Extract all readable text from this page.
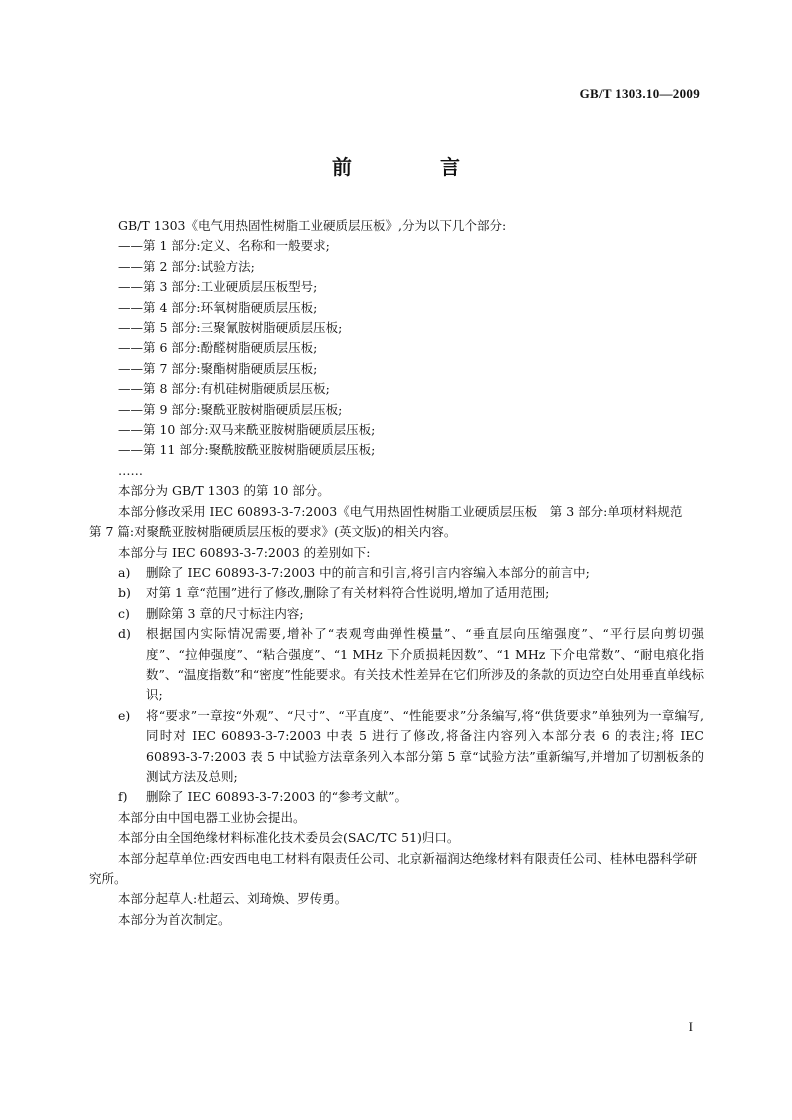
GB/T 1303.10—2009
前　言

GB/T 1303《电气用热固性树脂工业硬质层压板》,分为以下几个部分:

——第 1 部分:定义、名称和一般要求;

——第 2 部分:试验方法;

——第 3 部分:工业硬质层压板型号;

——第 4 部分:环氧树脂硬质层压板;

——第 5 部分:三聚氰胺树脂硬质层压板;

——第 6 部分:酚醛树脂硬质层压板;

——第 7 部分:聚酯树脂硬质层压板;

——第 8 部分:有机硅树脂硬质层压板;

——第 9 部分:聚酰亚胺树脂硬质层压板;

——第 10 部分:双马来酰亚胺树脂硬质层压板;

——第 11 部分:聚酰胺酰亚胺树脂硬质层压板;

……

本部分为 GB/T 1303 的第 10 部分。

本部分修改采用 IEC 60893-3-7:2003《电气用热固性树脂工业硬质层压板　第 3 部分:单项材料规范　第 7 篇:对聚酰亚胺树脂硬质层压板的要求》(英文版)的相关内容。

本部分与 IEC 60893-3-7:2003 的差别如下:

a)	删除了 IEC 60893-3-7:2003 中的前言和引言,将引言内容编入本部分的前言中;
b)	对第 1 章“范围”进行了修改,删除了有关材料符合性说明,增加了适用范围;
c)	删除第 3 章的尺寸标注内容;
d)	根据国内实际情况需要,增补了“表观弯曲弹性模量”、“垂直层向压缩强度”、“平行层向剪切强度”、“拉伸强度”、“粘合强度”、“1 MHz 下介质损耗因数”、“1 MHz 下介电常数”、“耐电痕化指数”、“温度指数”和“密度”性能要求。有关技术性差异在它们所涉及的条款的页边空白处用垂直单线标识;
e)	将“要求”一章按“外观”、“尺寸”、“平直度”、“性能要求”分条编写,将“供货要求”单独列为一章编写,同时对 IEC 60893-3-7:2003 中表 5 进行了修改,将备注内容列入本部分表 6 的表注;将 IEC 60893-3-7:2003 表 5 中试验方法章条列入本部分第 5 章“试验方法”重新编写,并增加了切割板条的测试方法及总则;
f)	删除了 IEC 60893-3-7:2003 的“参考文献”。

本部分由中国电器工业协会提出。

本部分由全国绝缘材料标准化技术委员会(SAC/TC 51)归口。

本部分起草单位:西安西电电工材料有限责任公司、北京新福润达绝缘材料有限责任公司、桂林电器科学研究所。

本部分起草人:杜超云、刘琦焕、罗传勇。

本部分为首次制定。

I
